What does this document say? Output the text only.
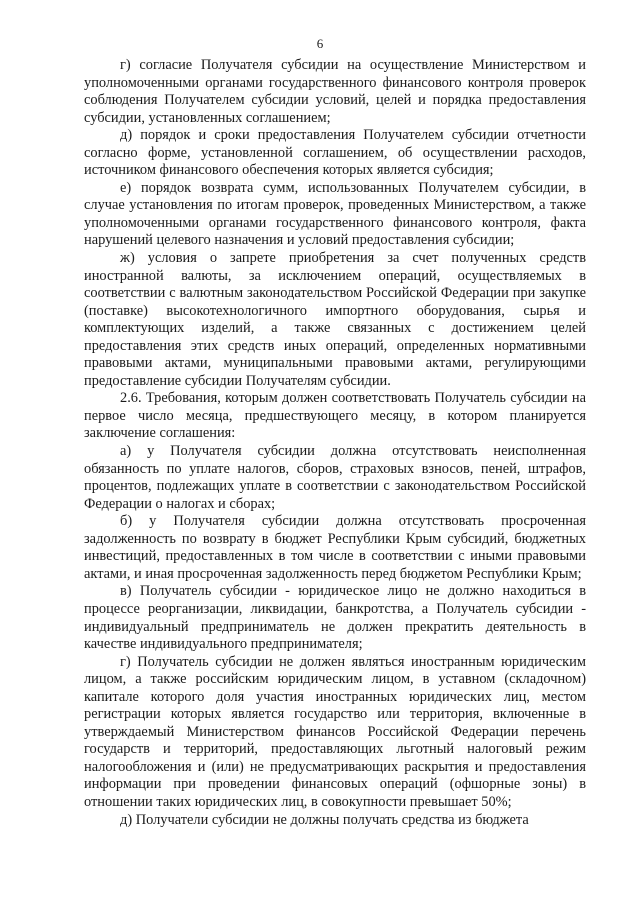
6

г) согласие Получателя субсидии на осуществление Министерством и уполномоченными органами государственного финансового контроля проверок соблюдения Получателем субсидии условий, целей и порядка предоставления субсидии, установленных соглашением;

д) порядок и сроки предоставления Получателем субсидии отчетности согласно форме, установленной соглашением, об осуществлении расходов, источником финансового обеспечения которых является субсидия;

е) порядок возврата сумм, использованных Получателем субсидии, в случае установления по итогам проверок, проведенных Министерством, а также уполномоченными органами государственного финансового контроля, факта нарушений целевого назначения и условий предоставления субсидии;

ж) условия о запрете приобретения за счет полученных средств иностранной валюты, за исключением операций, осуществляемых в соответствии с валютным законодательством Российской Федерации при закупке (поставке) высокотехнологичного импортного оборудования, сырья и комплектующих изделий, а также связанных с достижением целей предоставления этих средств иных операций, определенных нормативными правовыми актами, муниципальными правовыми актами, регулирующими предоставление субсидии Получателям субсидии.

2.6. Требования, которым должен соответствовать Получатель субсидии на первое число месяца, предшествующего месяцу, в котором планируется заключение соглашения:

а) у Получателя субсидии должна отсутствовать неисполненная обязанность по уплате налогов, сборов, страховых взносов, пеней, штрафов, процентов, подлежащих уплате в соответствии с законодательством Российской Федерации о налогах и сборах;

б) у Получателя субсидии должна отсутствовать просроченная задолженность по возврату в бюджет Республики Крым субсидий, бюджетных инвестиций, предоставленных в том числе в соответствии с иными правовыми актами, и иная просроченная задолженность перед бюджетом Республики Крым;

в) Получатель субсидии - юридическое лицо не должно находиться в процессе реорганизации, ликвидации, банкротства, а Получатель субсидии - индивидуальный предприниматель не должен прекратить деятельность в качестве индивидуального предпринимателя;

г) Получатель субсидии не должен являться иностранным юридическим лицом, а также российским юридическим лицом, в уставном (складочном) капитале которого доля участия иностранных юридических лиц, местом регистрации которых является государство или территория, включенные в утверждаемый Министерством финансов Российской Федерации перечень государств и территорий, предоставляющих льготный налоговый режим налогообложения и (или) не предусматривающих раскрытия и предоставления информации при проведении финансовых операций (офшорные зоны) в отношении таких юридических лиц, в совокупности превышает 50%;

д) Получатели субсидии не должны получать средства из бюджета
